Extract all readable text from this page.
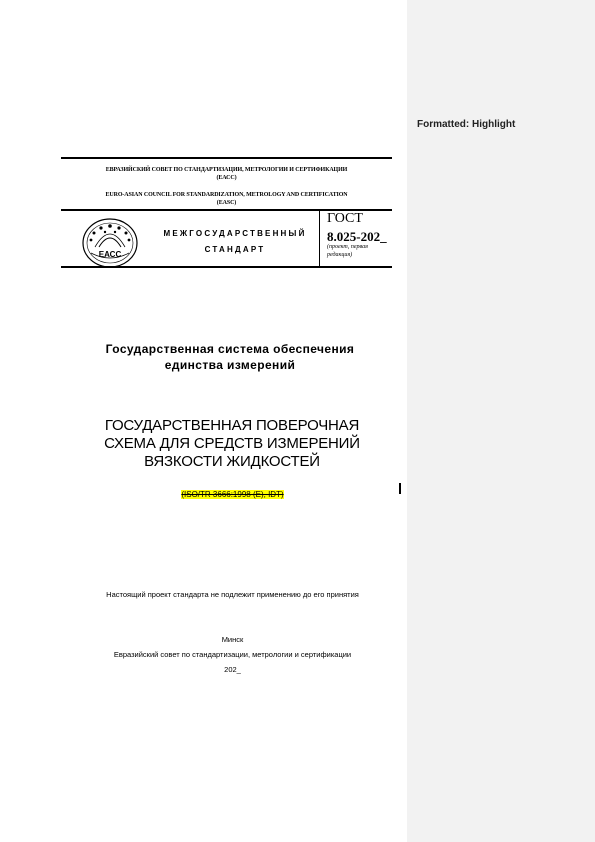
Formatted: Highlight
ЕВРАЗИЙСКИЙ СОВЕТ ПО СТАНДАРТИЗАЦИИ, МЕТРОЛОГИИ И СЕРТИФИКАЦИИ
(ЕАСС)
EURO-ASIAN COUNCIL FOR STANDARDIZATION, METROLOGY AND CERTIFICATION
(EASC)
ЕАСС
МЕЖГОСУДАРСТВЕННЫЙ
СТАНДАРТ
ГОСТ
8.025-202_
(проект, первая редакция)
Государственная система обеспечения
единства измерений
ГОСУДАРСТВЕННАЯ ПОВЕРОЧНАЯ
СХЕМА ДЛЯ СРЕДСТВ ИЗМЕРЕНИЙ
ВЯЗКОСТИ ЖИДКОСТЕЙ
(ISO/TR 3666:1998 (E), IDT)
Настоящий проект стандарта не подлежит применению до его принятия
Минск
Евразийский совет по стандартизации, метрологии и сертификации
202_
